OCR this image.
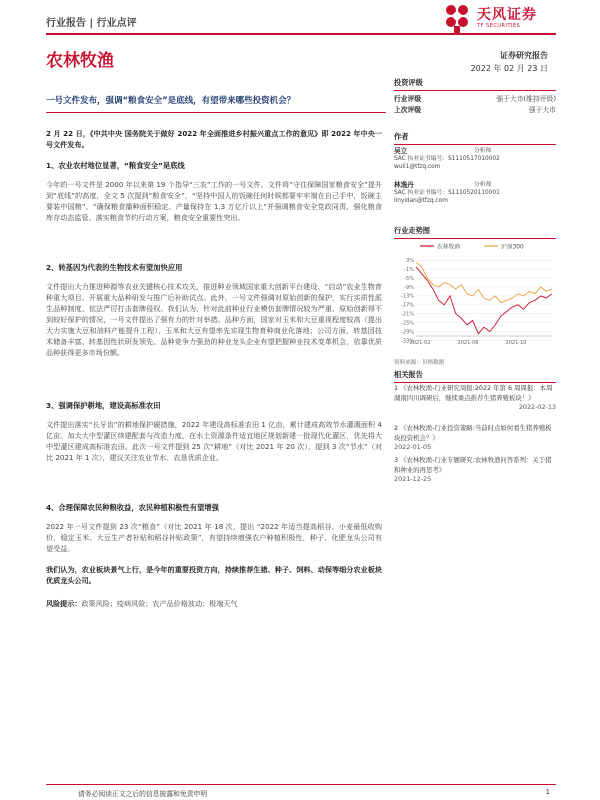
行业报告 | 行业点评
天风证券
TF SECURITIES
农林牧渔	证券研究报告
2022 年 02 月 23 日
一号文件发布，强调“粮食安全”是底线，有望带来哪些投资机会？

2 月 22 日，《中共中央 国务院关于做好 2022 年全面推进乡村振兴重点工作的意见》即 2022 年中央一号文件发布。

1、农业农村地位显著，“粮食安全”是底线

今年的一号文件是 2000 年以来第 19 个指导“三农”工作的一号文件。文件将“守住保障国家粮食安全”提升到“底线”的高度，全文 5 次提到“粮食安全”，“坚持中国人的饭碗任何时候都要牢牢端在自己手中，饭碗主要装中国粮”、“确保粮食播种面积稳定、产量保持在 1.3 万亿斤以上”并强调粮食安全党政同责、强化粮食库存动态监管、落实粮食节约行动方案，粮食安全重要性突出。

2、转基因为代表的生物技术有望加快应用

文件提出大力推进种源等农业关键核心技术攻关，推进种业领域国家重大创新平台建设、“启动”农业生物育种重大项目、开展重大品种研发与推广后补助试点。此外，一号文件强调对原始创新的保护，实行实质性派生品种制度、依法严厉打击套牌侵权。我们认为，针对此前种业行业模仿套牌情况较为严重、原始创新得不到较好保护的情况，一号文件提出了强有力的针对举措。品种方面，国家对玉米和大豆重视程度较高（提出大力实施大豆和油料产能提升工程），玉米和大豆有望率先实现生物育种商业化落地；公司方面，转基因技术储备丰富、转基因性状研发领先、品种竞争力强劲的种业龙头企业有望把握种业技术变革机会，依靠优质品种获得更多市场份额。

3、强调保护耕地，建设高标准农田

文件提出落实“长牙齿”的耕地保护硬措施，2022 年建设高标准农田 1 亿亩，累计建成高效节水灌溉面积 4 亿亩。加大大中型灌区续建配套与改造力度，在水土资源条件适宜地区规划新建一批现代化灌区，优先将大中型灌区建成高标准农田。此次一号文件提到 25 次“耕地”（对比 2021 年 20 次），提到 3 次“节水”（对比 2021 年 1 次），建议关注农业节水、农垦优质企业。

4、合理保障农民种粮收益，农民种植积极性有望增强

2022 年一号文件提到 23 次“粮食”（对比 2021 年 18 次，提出 “2022 年适当提高稻谷、小麦最低收购价，稳定玉米、大豆生产者补贴和稻谷补贴政策”，有望持续增强农户种植积极性，种子、化肥龙头公司有望受益。

我们认为，农业板块景气上行，是今年的重要投资方向，持续推荐生猪、种子、饲料、动保等细分农业板块优质龙头公司。

风险提示：政策风险；疫病风险；农产品价格波动；极端天气
投资评级
行业评级	强于大市(维持评级)
上次评级	强于大市
作者
吴立	分析师
SAC 执业证书编号： S1110517010002
wuli1@tfzq.com
林逸丹	分析师
SAC 执业证书编号： S1110520110001
linyidan@tfzq.com
行业走势图
农林牧渔	沪深300
3%
-1%
-5%
-9%
-13%
-17%
-21%
-25%
-29%
-33%
2021-02	2021-06	2021-10
资料来源：贝格数据
相关报告
1 《农林牧渔-行业研究周报:2022 年第 6 周周报：本周湖南四川调研后，继续重点推荐生猪养殖板块！》
2022-02-13
2 《农林牧渔-行业投资策略:当前时点如何看生猪养殖板块投资机会？》
2022-01-05
3 《农林牧渔-行业专题研究:农林牧渔问答系列：关于猪和种业的再思考》
2021-12-25
请务必阅读正文之后的信息披露和免责申明	1
